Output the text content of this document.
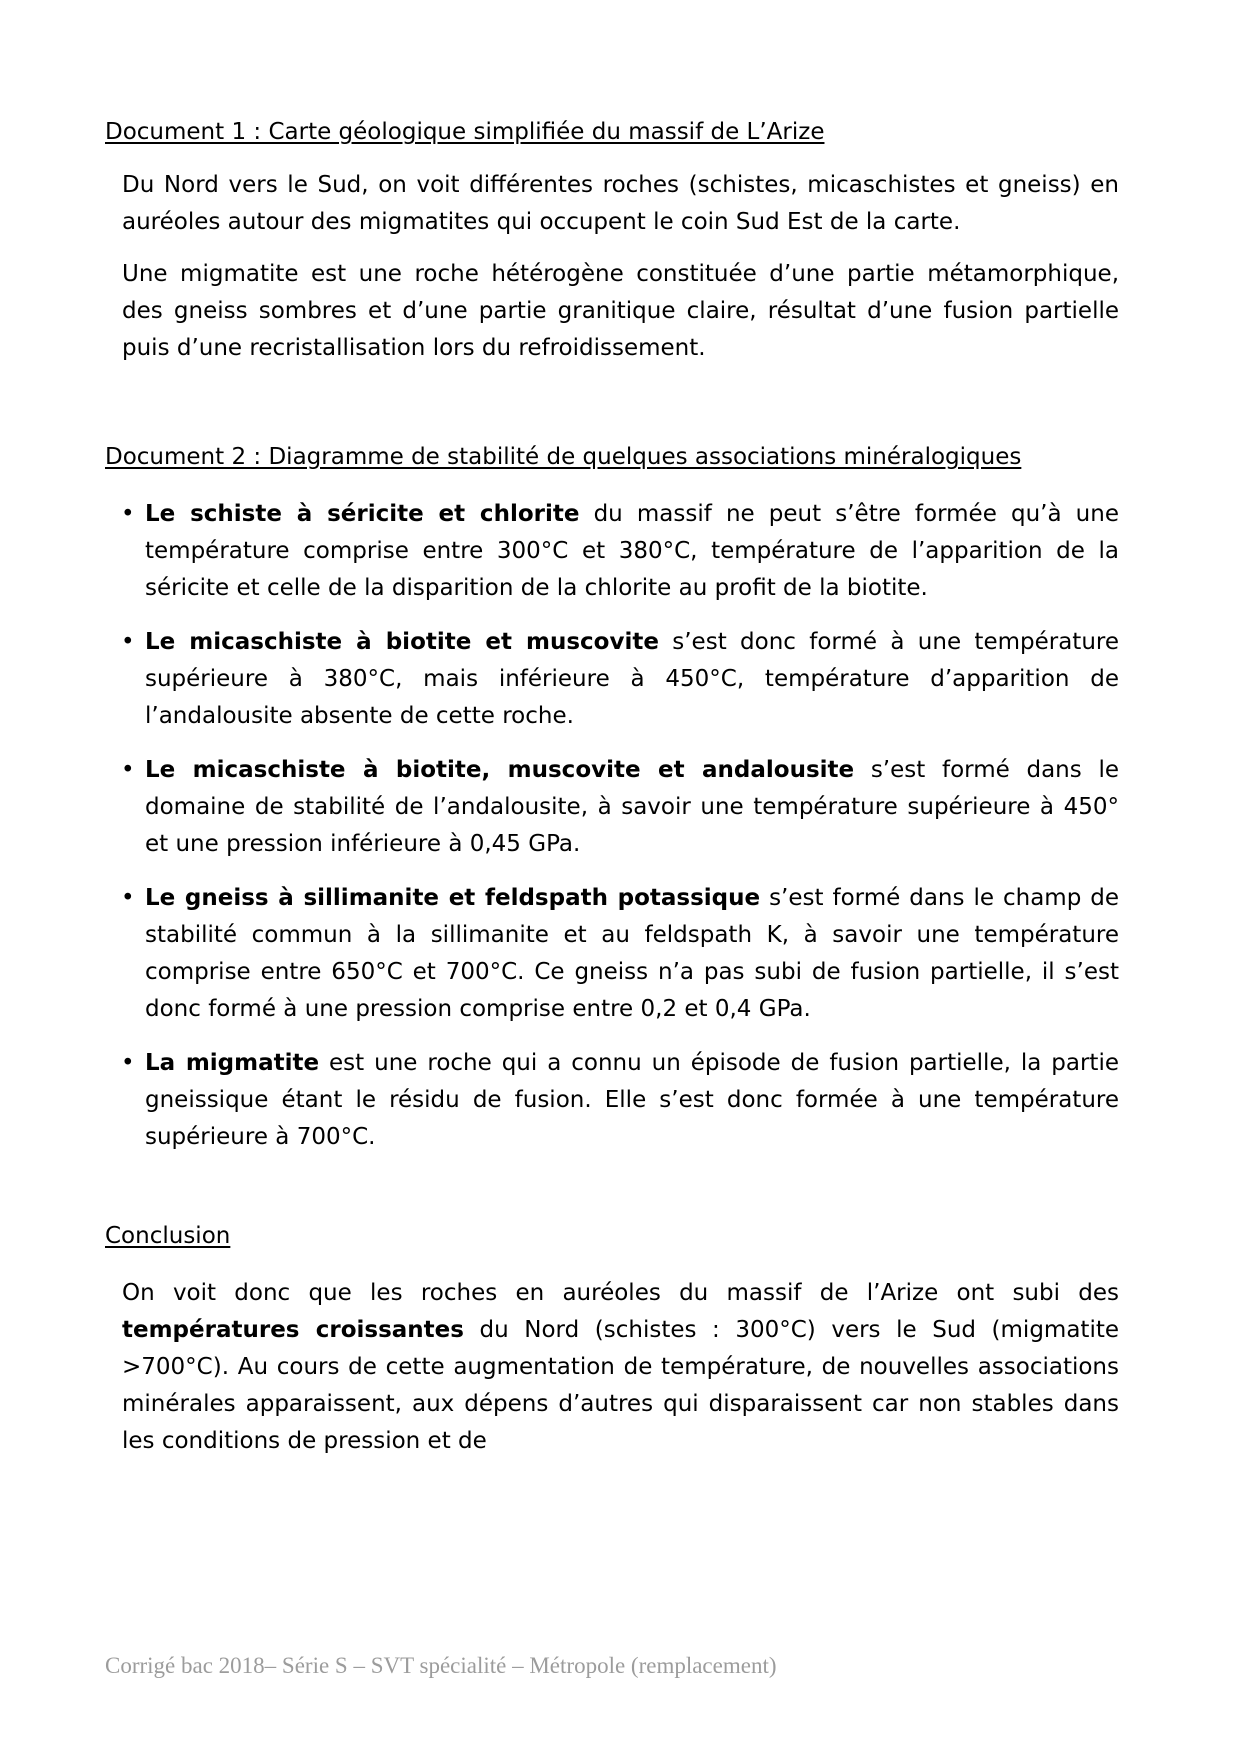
Document 1 : Carte géologique simplifiée du massif de L’Arize

Du Nord vers le Sud, on voit différentes roches (schistes, micaschistes et gneiss) en auréoles autour des migmatites qui occupent le coin Sud Est de la carte.

Une migmatite est une roche hétérogène constituée d’une partie métamorphique, des gneiss sombres et d’une partie granitique claire, résultat d’une fusion partielle puis d’une recristallisation lors du refroidissement.

Document 2 : Diagramme de stabilité de quelques associations minéralogiques
• Le schiste à séricite et chlorite du massif ne peut s’être formée qu’à une température comprise entre 300°C et 380°C, température de l’apparition de la séricite et celle de la disparition de la chlorite au profit de la biotite.
• Le micaschiste à biotite et muscovite s’est donc formé à une température supérieure à 380°C, mais inférieure à 450°C, température d’apparition de l’andalousite absente de cette roche.
• Le micaschiste à biotite, muscovite et andalousite s’est formé dans le domaine de stabilité de l’andalousite, à savoir une température supérieure à 450° et une pression inférieure à 0,45 GPa.
• Le gneiss à sillimanite et feldspath potassique s’est formé dans le champ de stabilité commun à la sillimanite et au feldspath K, à savoir une température comprise entre 650°C et 700°C. Ce gneiss n’a pas subi de fusion partielle, il s’est donc formé à une pression comprise entre 0,2 et 0,4 GPa.
• La migmatite est une roche qui a connu un épisode de fusion partielle, la partie gneissique étant le résidu de fusion. Elle s’est donc formée à une température supérieure à 700°C.
Conclusion

On voit donc que les roches en auréoles du massif de l’Arize ont subi des températures croissantes du Nord (schistes : 300°C) vers le Sud (migmatite >700°C). Au cours de cette augmentation de température, de nouvelles associations minérales apparaissent, aux dépens d’autres qui disparaissent car non stables dans les conditions de pression et de

Corrigé bac 2018– Série S – SVT spécialité – Métropole (remplacement)
